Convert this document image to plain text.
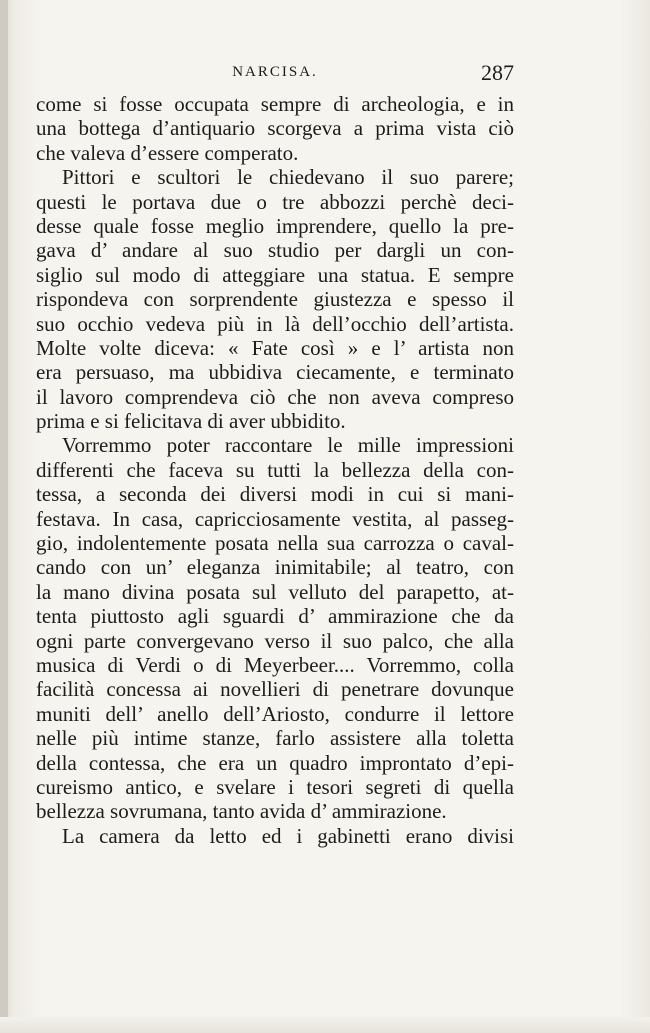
NARCISA.	287
come si fosse occupata sempre di archeologia, e in
una bottega d’antiquario scorgeva a prima vista ciò
che valeva d’essere comperato.
Pittori e scultori le chiedevano il suo parere;
questi le portava due o tre abbozzi perchè deci-
desse quale fosse meglio imprendere, quello la pre-
gava d’ andare al suo studio per dargli un con-
siglio sul modo di atteggiare una statua. E sempre
rispondeva con sorprendente giustezza e spesso il
suo occhio vedeva più in là dell’occhio dell’artista.
Molte volte diceva: « Fate così » e l’ artista non
era persuaso, ma ubbidiva ciecamente, e terminato
il lavoro comprendeva ciò che non aveva compreso
prima e si felicitava di aver ubbidito.
Vorremmo poter raccontare le mille impressioni
differenti che faceva su tutti la bellezza della con-
tessa, a seconda dei diversi modi in cui si mani-
festava. In casa, capricciosamente vestita, al passeg-
gio, indolentemente posata nella sua carrozza o caval-
cando con un’ eleganza inimitabile; al teatro, con
la mano divina posata sul velluto del parapetto, at-
tenta piuttosto agli sguardi d’ ammirazione che da
ogni parte convergevano verso il suo palco, che alla
musica di Verdi o di Meyerbeer.... Vorremmo, colla
facilità concessa ai novellieri di penetrare dovunque
muniti dell’ anello dell’Ariosto, condurre il lettore
nelle più intime stanze, farlo assistere alla toletta
della contessa, che era un quadro improntato d’epi-
cureismo antico, e svelare i tesori segreti di quella
bellezza sovrumana, tanto avida d’ ammirazione.
La camera da letto ed i gabinetti erano divisi
